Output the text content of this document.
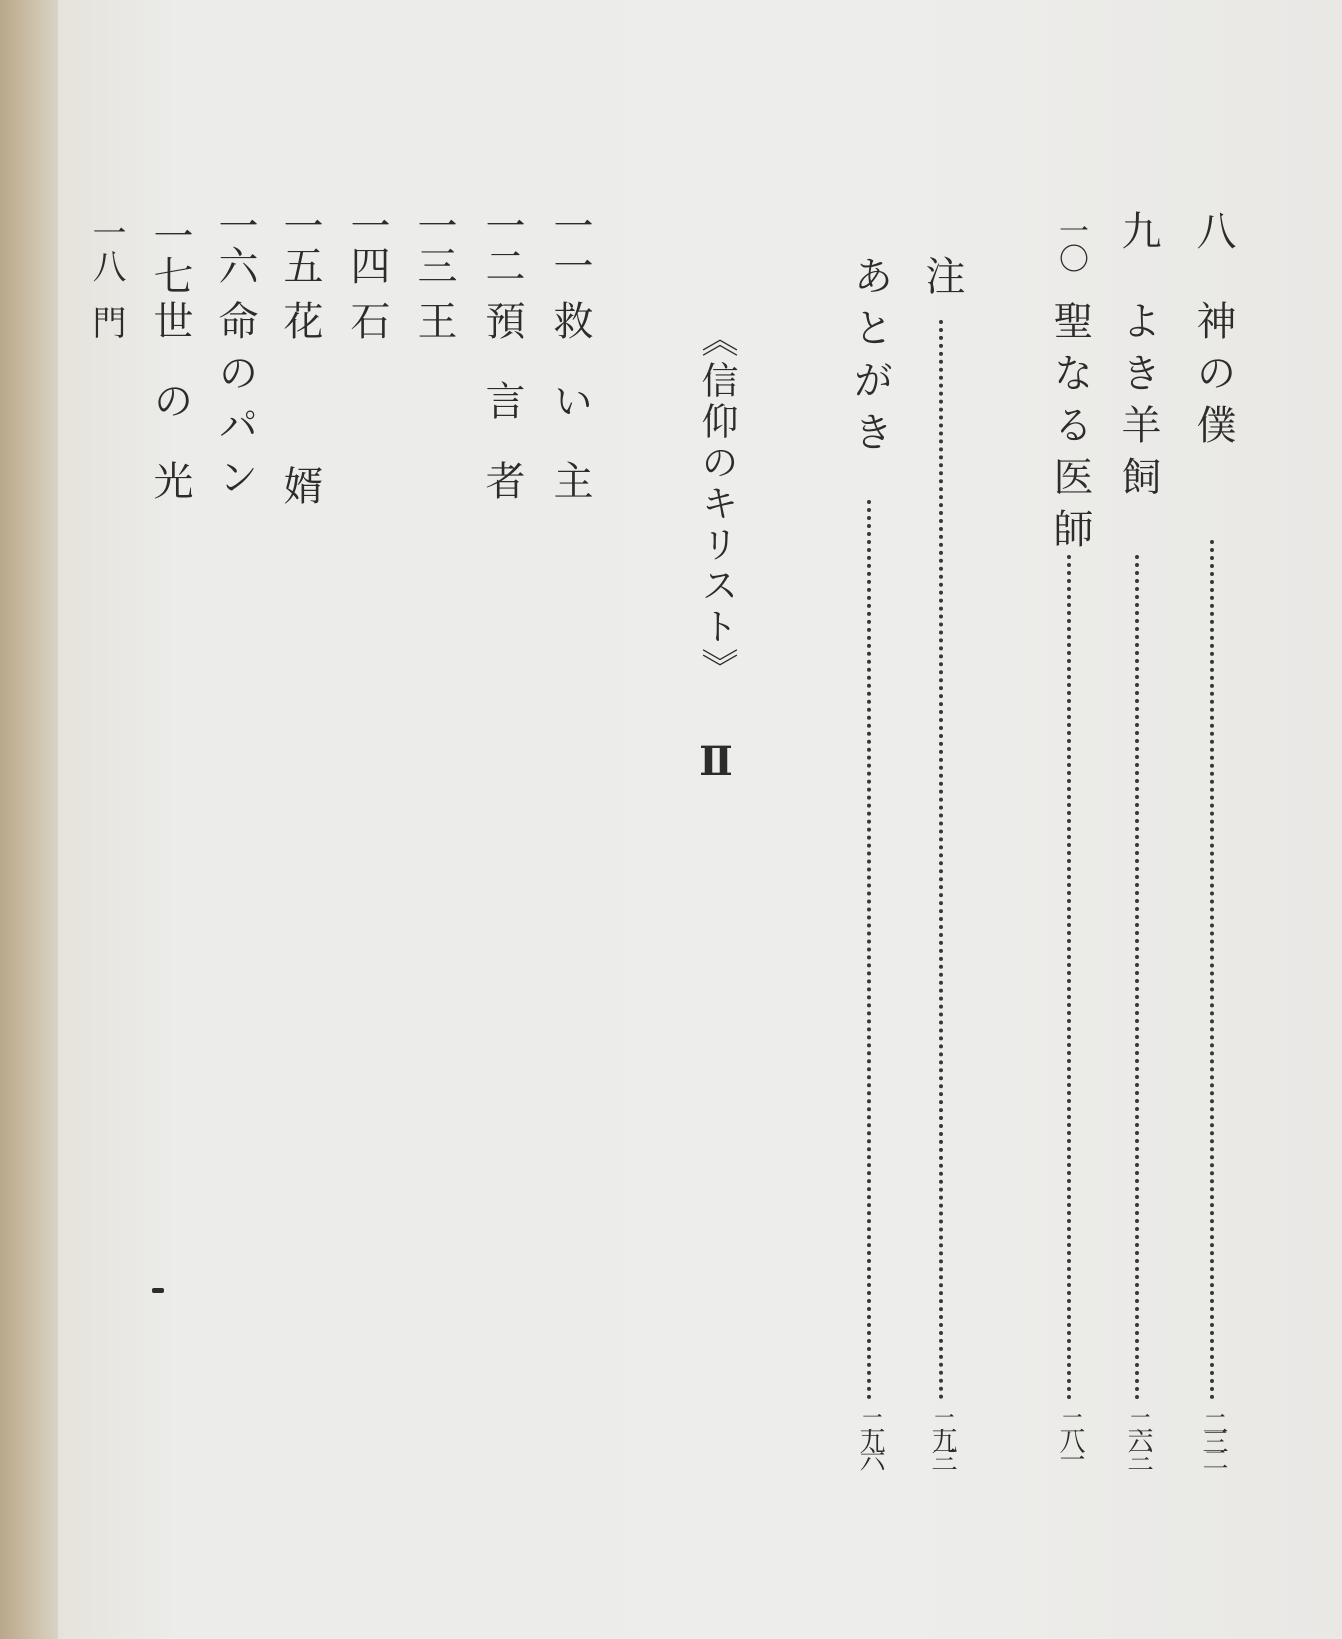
八
神の僕
二三二
九
よき羊飼
二六三
一〇
聖なる医師
二八一
注
二九三
あとがき
二九六
《信仰のキリスト》
Ⅱ
一一
救い主
一二
預言者
一三
王
一四
石
一五
花婿
一六
命のパン
一七
世の光
一八
門
